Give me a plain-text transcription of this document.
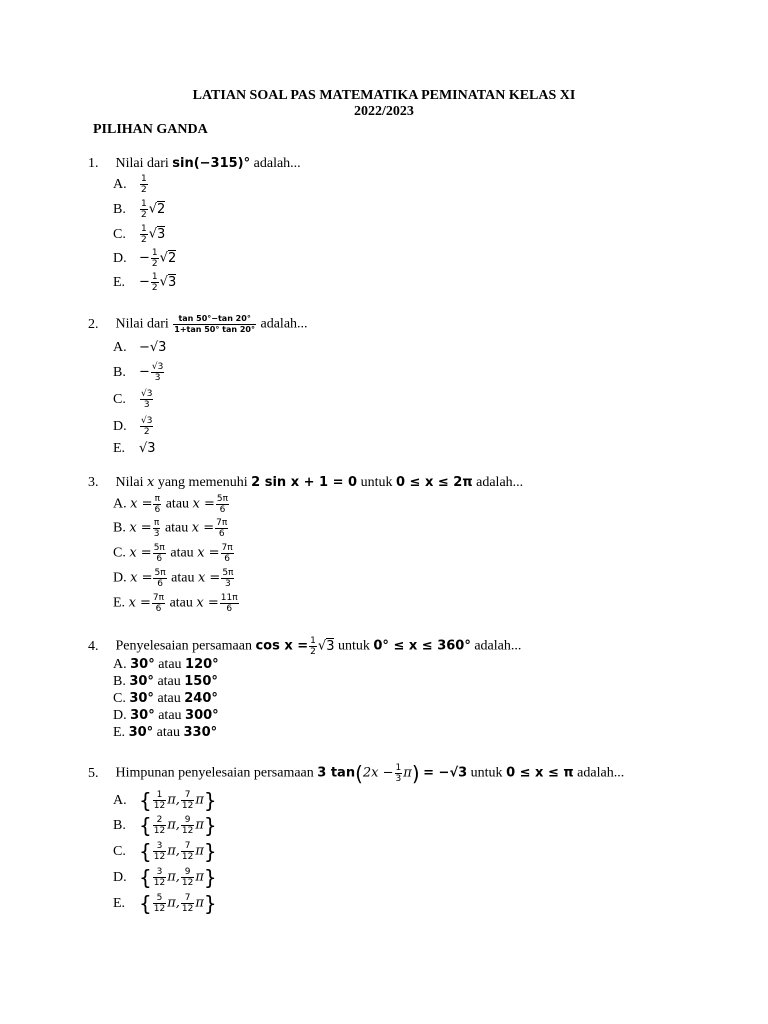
LATIAN SOAL PAS MATEMATIKA PEMINATAN KELAS XI
2022/2023
PILIHAN GANDA
1. Nilai dari sin(−315)° adalah...
A. $\frac{1}{2}$
B. $\frac{1}{2} √2$
C. $\frac{1}{2} √3$
D. − $\frac{1}{2} √2$
E. − $\frac{1}{2} √3$
2. Nilai dari $\frac{\tan 50^\circ-\tan 20^\circ}{1+\tan 50^\circ \tan 20^\circ}$ adalah...
A. −√3
B. − $\frac{√3}{3}$
C. $\frac{√3}{3}$
D. $\frac{√3}{2}$
E. √3
3. Nilai x yang memenuhi 2 sin x + 1 = 0 untuk 0 ≤ x ≤ 2π adalah...
A. $x = \frac{\pi}{6}$ atau $x = \frac{5\pi}{6}$
B. $x = \frac{\pi}{3}$ atau $x = \frac{7\pi}{6}$
C. $x = \frac{5\pi}{6}$ atau $x = \frac{7\pi}{6}$
D. $x = \frac{5\pi}{6}$ atau $x = \frac{5\pi}{3}$
E. $x = \frac{7\pi}{6}$ atau $x = \frac{11\pi}{6}$
4. Penyelesaian persamaan $\cos x = \frac{1}{2} √3$ untuk 0° ≤ x ≤ 360° adalah...
A. 30° atau 120°
B. 30° atau 150°
C. 30° atau 240°
D. 30° atau 300°
E. 30° atau 330°
5. Himpunan penyelesaian persamaan 3 $\tan(2x - \frac{1}{3} \pi) = -√3$ untuk 0 ≤ x ≤ π adalah...
A. { $\frac{1}{12} \pi$, $\frac{7}{12} \pi$}
B. { $\frac{2}{12} \pi$, $\frac{9}{12} \pi$}
C. { $\frac{3}{12} \pi$, $\frac{7}{12} \pi$}
D. { $\frac{3}{12} \pi$, $\frac{9}{12} \pi$}
E. { $\frac{5}{12} \pi$, $\frac{7}{12} \pi$}
